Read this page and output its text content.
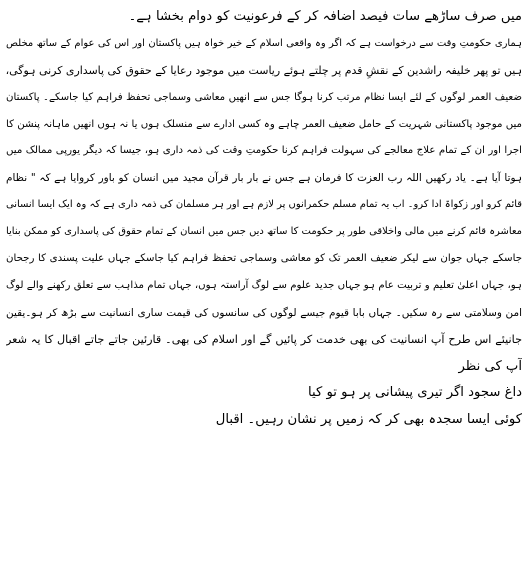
میں صرف ساڑھے سات فیصد اضافہ کر کے فرعونیت کو دوام بخشا ہے۔
ہماری حکومتِ وقت سے درخواست ہے کہ اگر وہ واقعی اسلام کے خیر خواہ ہیں پاکستان اور اس کی عوام کے ساتھ مخلص
ہیں تو پھر خلیفہ راشدین کے نقشِ قدم پر چلتے ہوئے ریاست میں موجود رعایا کے حقوق کی پاسداری کرنی ہوگی،
ضعیف العمر لوگوں کے لئے ایسا نظام مرتب کرنا ہوگا جس سے انھیں معاشی وسماجی تحفظ فراہم کیا جاسکے۔ پاکستان
میں موجود پاکستانی شہریت کے حامل ضعیف العمر چاہے وہ کسی ادارے سے منسلک ہوں یا نہ ہوں انھیں ماہانہ پنشن کا
اجرا اور ان کے تمام علاج معالجے کی سہولت فراہم کرنا حکومتِ وقت کی ذمہ داری ہو، جیسا کہ دیگر یورپی ممالک میں
ہوتا آیا ہے۔ یاد رکھیں اللہ رب العزت کا فرمان ہے جس نے بار بار قرآن مجید میں انسان کو باور کروایا ہے کہ " نظام
قائم کرو اور زکواۃ ادا کرو۔ اب یہ تمام مسلم حکمرانوں پر لازم ہے اور ہر مسلمان کی ذمہ داری ہے کہ وہ ایک ایسا انسانی
معاشرہ قائم کرنے میں مالی واخلاقی طور پر حکومت کا ساتھ دیں جس میں انسان کے تمام حقوق کی پاسداری کو ممکن بنایا
جاسکے جہاں جوان سے لیکر ضعیف العمر تک کو معاشی وسماجی تحفظ فراہم کیا جاسکے جہاں علیت پسندی کا رجحان
ہو، جہاں اعلیٰ تعلیم و تربیت عام ہو جہاں جدید علوم سے لوگ آراستہ ہوں، جہاں تمام مذاہب سے تعلق رکھنے والے لوگ
امن وسلامتی سے رہ سکیں۔ جہاں بابا قیوم جیسے لوگوں کی سانسوں کی قیمت ساری انسانیت سے بڑھ کر ہو۔یقین
جانیئے اس طرح آپ انسانیت کی بھی خدمت کر پائیں گے اور اسلام کی بھی۔ قارئین جاتے جاتے اقبال کا یہ شعر
آپ کی نظر
داغ سجود اگر تیری پیشانی پر ہو تو کیا
کوئی ایسا سجدہ بھی کر کہ زمیں پر نشان رہیں۔ اقبال
